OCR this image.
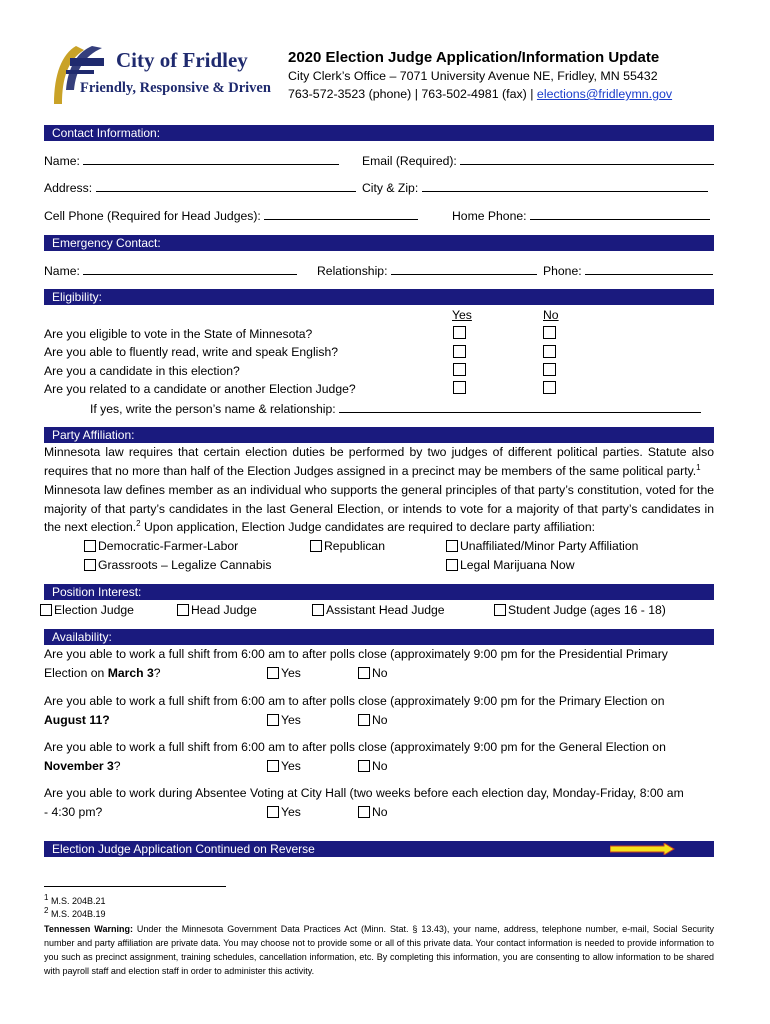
City of Fridley
Friendly, Responsive & Driven
2020 Election Judge Application/Information Update
City Clerk’s Office – 7071 University Avenue NE, Fridley, MN 55432
763-572-3523 (phone) | 763-502-4981 (fax) | elections@fridleymn.gov
Contact Information:
Name:	Email (Required):
Address:	City & Zip:
Cell Phone (Required for Head Judges):	Home Phone:
Emergency Contact:
Name:	Relationship:	Phone:
Eligibility:
Yes	No
Are you eligible to vote in the State of Minnesota?
Are you able to fluently read, write and speak English?
Are you a candidate in this election?
Are you related to a candidate or another Election Judge?
If yes, write the person’s name & relationship:
Party Affiliation:
Minnesota law requires that certain election duties be performed by two judges of different political parties. Statute also requires that no more than half of the Election Judges assigned in a precinct may be members of the same political party.$^1$
Minnesota law defines member as an individual who supports the general principles of that party’s constitution, voted for the majority of that party’s candidates in the last General Election, or intends to vote for a majority of that party’s candidates in the next election.$^2$ Upon application, Election Judge candidates are required to declare party affiliation:
Democratic-Farmer-Labor	Republican	Unaffiliated/Minor Party Affiliation
Grassroots – Legalize Cannabis	Legal Marijuana Now
Position Interest:
Election Judge	Head Judge	Assistant Head Judge	Student Judge (ages 16 - 18)
Availability:
Are you able to work a full shift from 6:00 am to after polls close (approximately 9:00 pm for the Presidential Primary
Election on March 3?	Yes	No
Are you able to work a full shift from 6:00 am to after polls close (approximately 9:00 pm for the Primary Election on
August 11?	Yes	No
Are you able to work a full shift from 6:00 am to after polls close (approximately 9:00 pm for the General Election on
November 3?	Yes	No
Are you able to work during Absentee Voting at City Hall (two weeks before each election day, Monday-Friday, 8:00 am
- 4:30 pm?	Yes	No
Election Judge Application Continued on Reverse
$^1$ M.S. 204B.21
$^2$ M.S. 204B.19
Tennessen Warning: Under the Minnesota Government Data Practices Act (Minn. Stat. § 13.43), your name, address, telephone number, e-mail, Social Security number and party affiliation are private data. You may choose not to provide some or all of this private data. Your contact information is needed to provide information to you such as precinct assignment, training schedules, cancellation information, etc. By completing this information, you are consenting to allow information to be shared with payroll staff and election staff in order to administer this activity.
